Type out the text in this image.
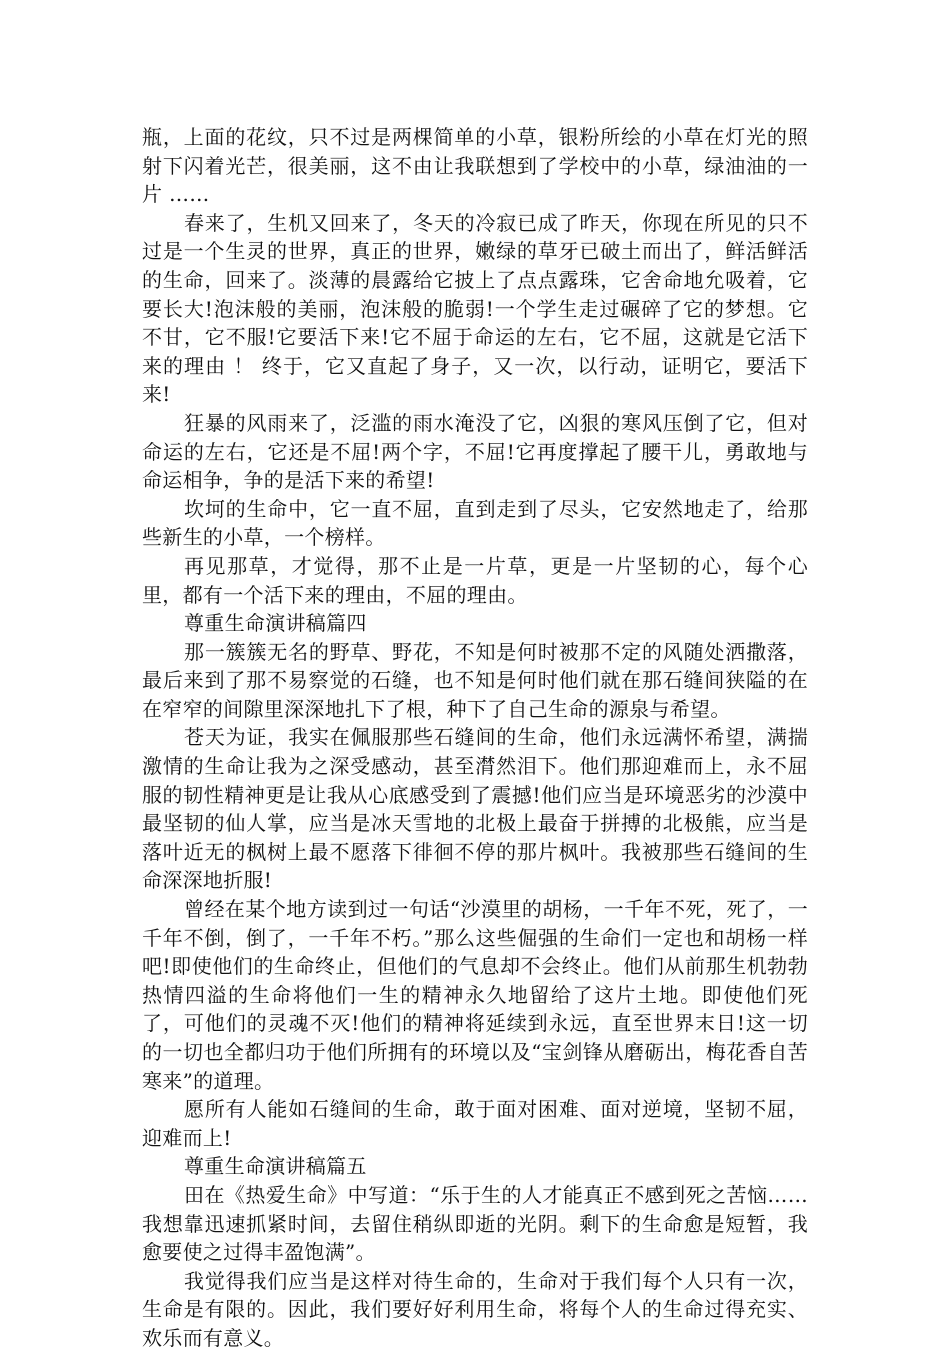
瓶，上面的花纹，只不过是两棵简单的小草，银粉所绘的小草在灯光的照射下闪着光芒，很美丽，这不由让我联想到了学校中的小草，绿油油的一片 ……

春来了，生机又回来了，冬天的冷寂已成了昨天，你现在所见的只不过是一个生灵的世界，真正的世界，嫩绿的草牙已破土而出了，鲜活鲜活的生命，回来了。淡薄的晨露给它披上了点点露珠，它舍命地允吸着，它要长大!泡沫般的美丽，泡沫般的脆弱!一个学生走过碾碎了它的梦想。它不甘，它不服!它要活下来!它不屈于命运的左右，它不屈，这就是它活下来的理由 ！ 终于，它又直起了身子，又一次，以行动，证明它，要活下来!

狂暴的风雨来了，泛滥的雨水淹没了它，凶狠的寒风压倒了它，但对命运的左右，它还是不屈!两个字，不屈!它再度撑起了腰干儿，勇敢地与命运相争，争的是活下来的希望!

坎坷的生命中，它一直不屈，直到走到了尽头，它安然地走了，给那些新生的小草，一个榜样。

再见那草，才觉得，那不止是一片草，更是一片坚韧的心，每个心里，都有一个活下来的理由，不屈的理由。

尊重生命演讲稿篇四

那一簇簇无名的野草、野花，不知是何时被那不定的风随处洒撒落，最后来到了那不易察觉的石缝，也不知是何时他们就在那石缝间狭隘的在在窄窄的间隙里深深地扎下了根，种下了自己生命的源泉与希望。

苍天为证，我实在佩服那些石缝间的生命，他们永远满怀希望，满揣激情的生命让我为之深受感动，甚至潸然泪下。他们那迎难而上，永不屈服的韧性精神更是让我从心底感受到了震撼!他们应当是环境恶劣的沙漠中最坚韧的仙人掌，应当是冰天雪地的北极上最奋于拼搏的北极熊，应当是落叶近无的枫树上最不愿落下徘徊不停的那片枫叶。我被那些石缝间的生命深深地折服!

曾经在某个地方读到过一句话“沙漠里的胡杨，一千年不死，死了，一千年不倒，倒了，一千年不朽。”那么这些倔强的生命们一定也和胡杨一样吧!即使他们的生命终止，但他们的气息却不会终止。他们从前那生机勃勃热情四溢的生命将他们一生的精神永久地留给了这片土地。即使他们死了，可他们的灵魂不灭!他们的精神将延续到永远，直至世界末日!这一切的一切也全都归功于他们所拥有的环境以及“宝剑锋从磨砺出，梅花香自苦寒来”的道理。

愿所有人能如石缝间的生命，敢于面对困难、面对逆境，坚韧不屈，迎难而上!

尊重生命演讲稿篇五

田在《热爱生命》中写道：“乐于生的人才能真正不感到死之苦恼……我想靠迅速抓紧时间，去留住稍纵即逝的光阴。剩下的生命愈是短暂，我愈要使之过得丰盈饱满”。

我觉得我们应当是这样对待生命的，生命对于我们每个人只有一次，生命是有限的。因此，我们要好好利用生命，将每个人的生命过得充实、欢乐而有意义。
